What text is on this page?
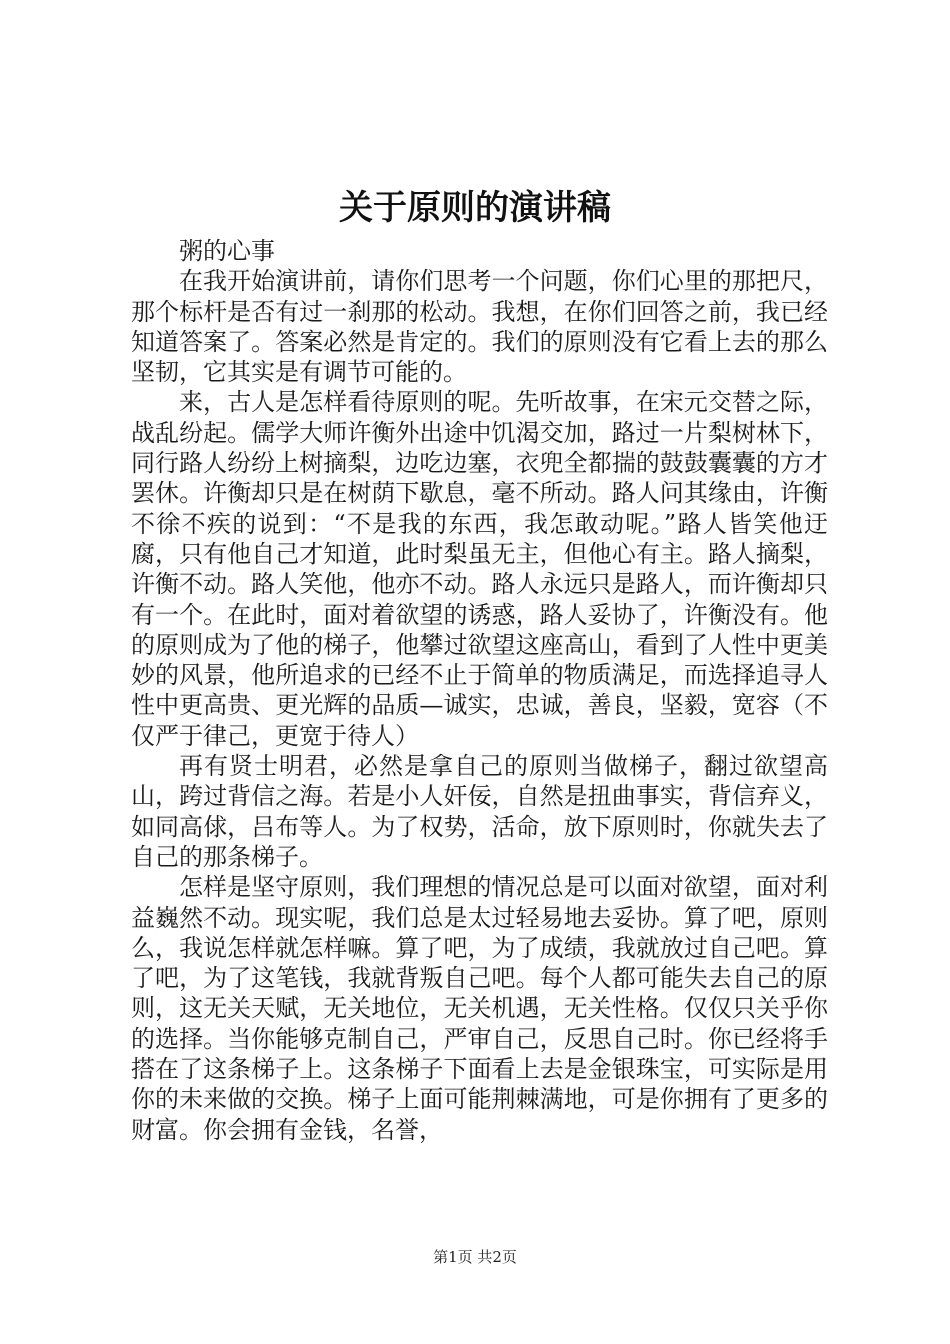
关于原则的演讲稿

粥的心事

在我开始演讲前，请你们思考一个问题，你们心里的那把尺，那个标杆是否有过一刹那的松动。我想，在你们回答之前，我已经知道答案了。答案必然是肯定的。我们的原则没有它看上去的那么坚韧，它其实是有调节可能的。

来，古人是怎样看待原则的呢。先听故事，在宋元交替之际，战乱纷起。儒学大师许衡外出途中饥渴交加，路过一片梨树林下，同行路人纷纷上树摘梨，边吃边塞，衣兜全都揣的鼓鼓囊囊的方才罢休。许衡却只是在树荫下歇息，毫不所动。路人问其缘由，许衡不徐不疾的说到：“不是我的东西，我怎敢动呢。”路人皆笑他迂腐，只有他自己才知道，此时梨虽无主，但他心有主。路人摘梨，许衡不动。路人笑他，他亦不动。路人永远只是路人，而许衡却只有一个。在此时，面对着欲望的诱惑，路人妥协了，许衡没有。他的原则成为了他的梯子，他攀过欲望这座高山，看到了人性中更美妙的风景，他所追求的已经不止于简单的物质满足，而选择追寻人性中更高贵、更光辉的品质—诚实，忠诚，善良，坚毅，宽容（不仅严于律己，更宽于待人）

再有贤士明君，必然是拿自己的原则当做梯子，翻过欲望高山，跨过背信之海。若是小人奸佞，自然是扭曲事实，背信弃义，如同高俅，吕布等人。为了权势，活命，放下原则时，你就失去了自己的那条梯子。

怎样是坚守原则，我们理想的情况总是可以面对欲望，面对利益巍然不动。现实呢，我们总是太过轻易地去妥协。算了吧，原则么，我说怎样就怎样嘛。算了吧，为了成绩，我就放过自己吧。算了吧，为了这笔钱，我就背叛自己吧。每个人都可能失去自己的原则，这无关天赋，无关地位，无关机遇，无关性格。仅仅只关乎你的选择。当你能够克制自己，严审自己，反思自己时。你已经将手搭在了这条梯子上。这条梯子下面看上去是金银珠宝，可实际是用你的未来做的交换。梯子上面可能荆棘满地，可是你拥有了更多的财富。你会拥有金钱，名誉，

第1页 共2页
